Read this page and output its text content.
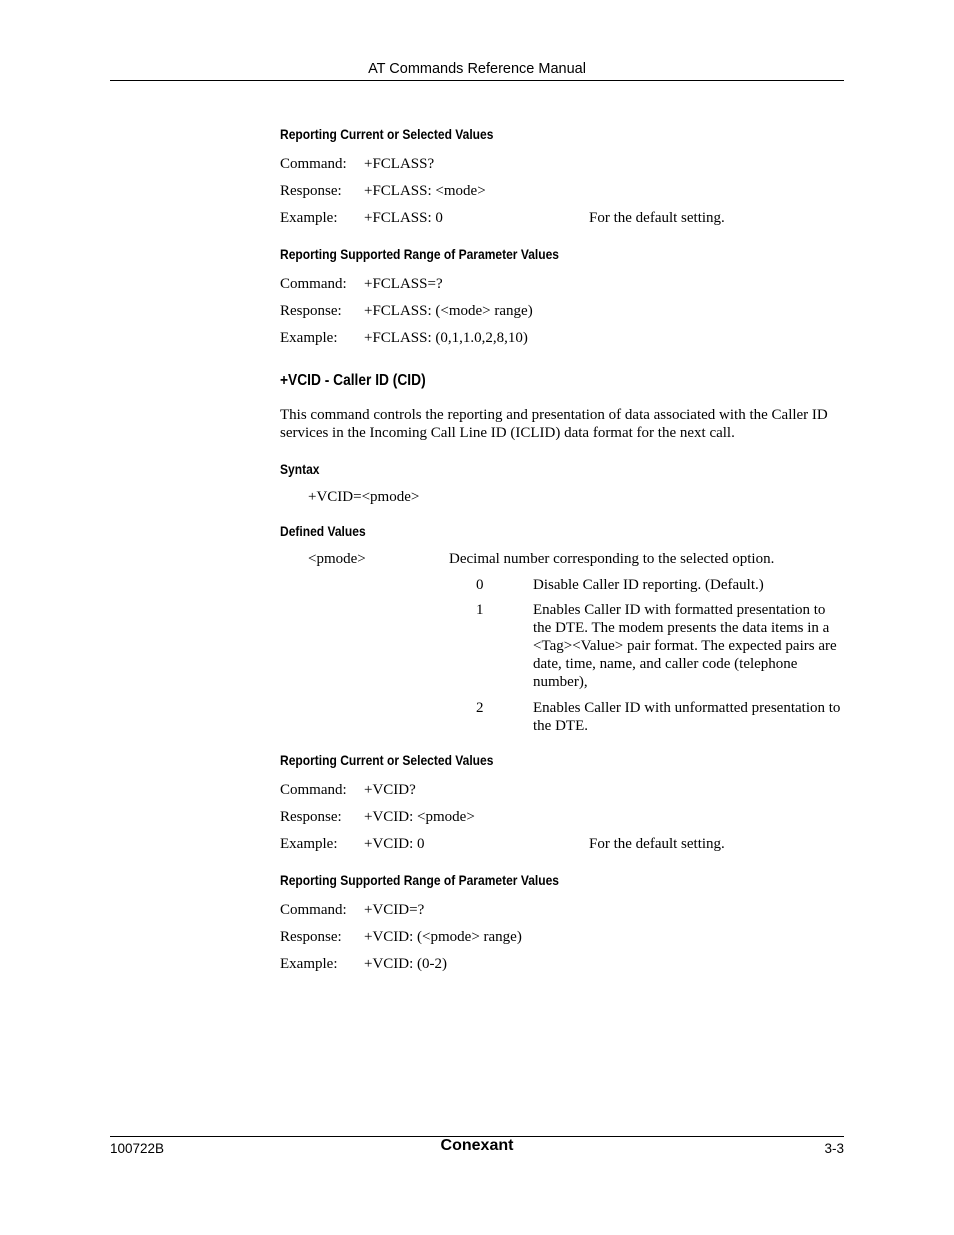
AT Commands Reference Manual
Reporting Current or Selected Values
Command: +FCLASS?
Response: +FCLASS: <mode>
Example: +FCLASS: 0	For the default setting.
Reporting Supported Range of Parameter Values
Command: +FCLASS=?
Response: +FCLASS: (<mode> range)
Example: +FCLASS: (0,1,1.0,2,8,10)
+VCID - Caller ID (CID)
This command controls the reporting and presentation of data associated with the Caller ID services in the Incoming Call Line ID (ICLID) data format for the next call.
Syntax
+VCID=<pmode>
Defined Values
<pmode>	Decimal number corresponding to the selected option.
0	Disable Caller ID reporting. (Default.)
1	Enables Caller ID with formatted presentation to the DTE. The modem presents the data items in a <Tag><Value> pair format. The expected pairs are date, time, name, and caller code (telephone number),
2	Enables Caller ID with unformatted presentation to the DTE.
Reporting Current or Selected Values
Command: +VCID?
Response: +VCID: <pmode>
Example: +VCID: 0	For the default setting.
Reporting Supported Range of Parameter Values
Command: +VCID=?
Response: +VCID: (<pmode> range)
Example: +VCID: (0-2)
100722B	Conexant	3-3
